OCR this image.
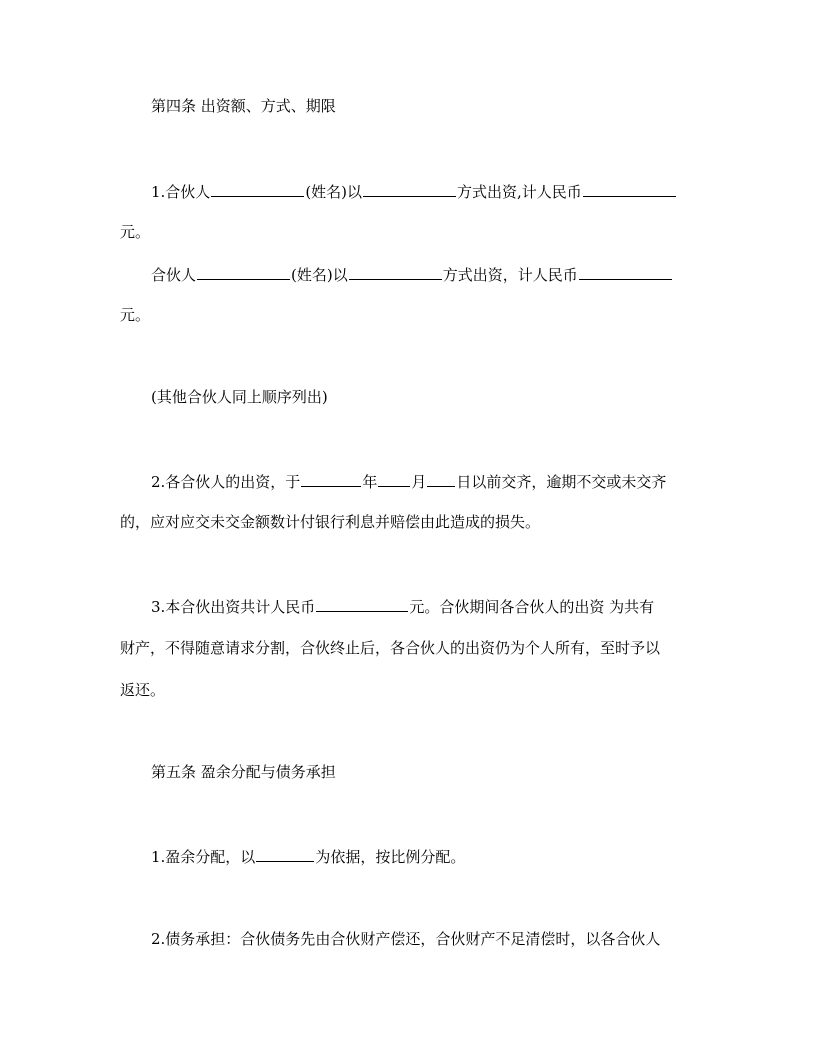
第四条 出资额、方式、期限
1.合伙人	(姓名)以	方式出资,计人民币
元。
合伙人	(姓名)以	方式出资，计人民币
元。
(其他合伙人同上顺序列出)
2.各合伙人的出资，于	年 月 日以前交齐，逾期不交或未交齐
的，应对应交未交金额数计付银行利息并赔偿由此造成的损失。
3.本合伙出资共计人民币	元。合伙期间各合伙人的出资 为共有
财产，不得随意请求分割，合伙终止后，各合伙人的出资仍为个人所有，至时予以
返还。
第五条 盈余分配与债务承担
1.盈余分配，以	为依据，按比例分配。
2.债务承担：合伙债务先由合伙财产偿还，合伙财产不足清偿时，以各合伙人
